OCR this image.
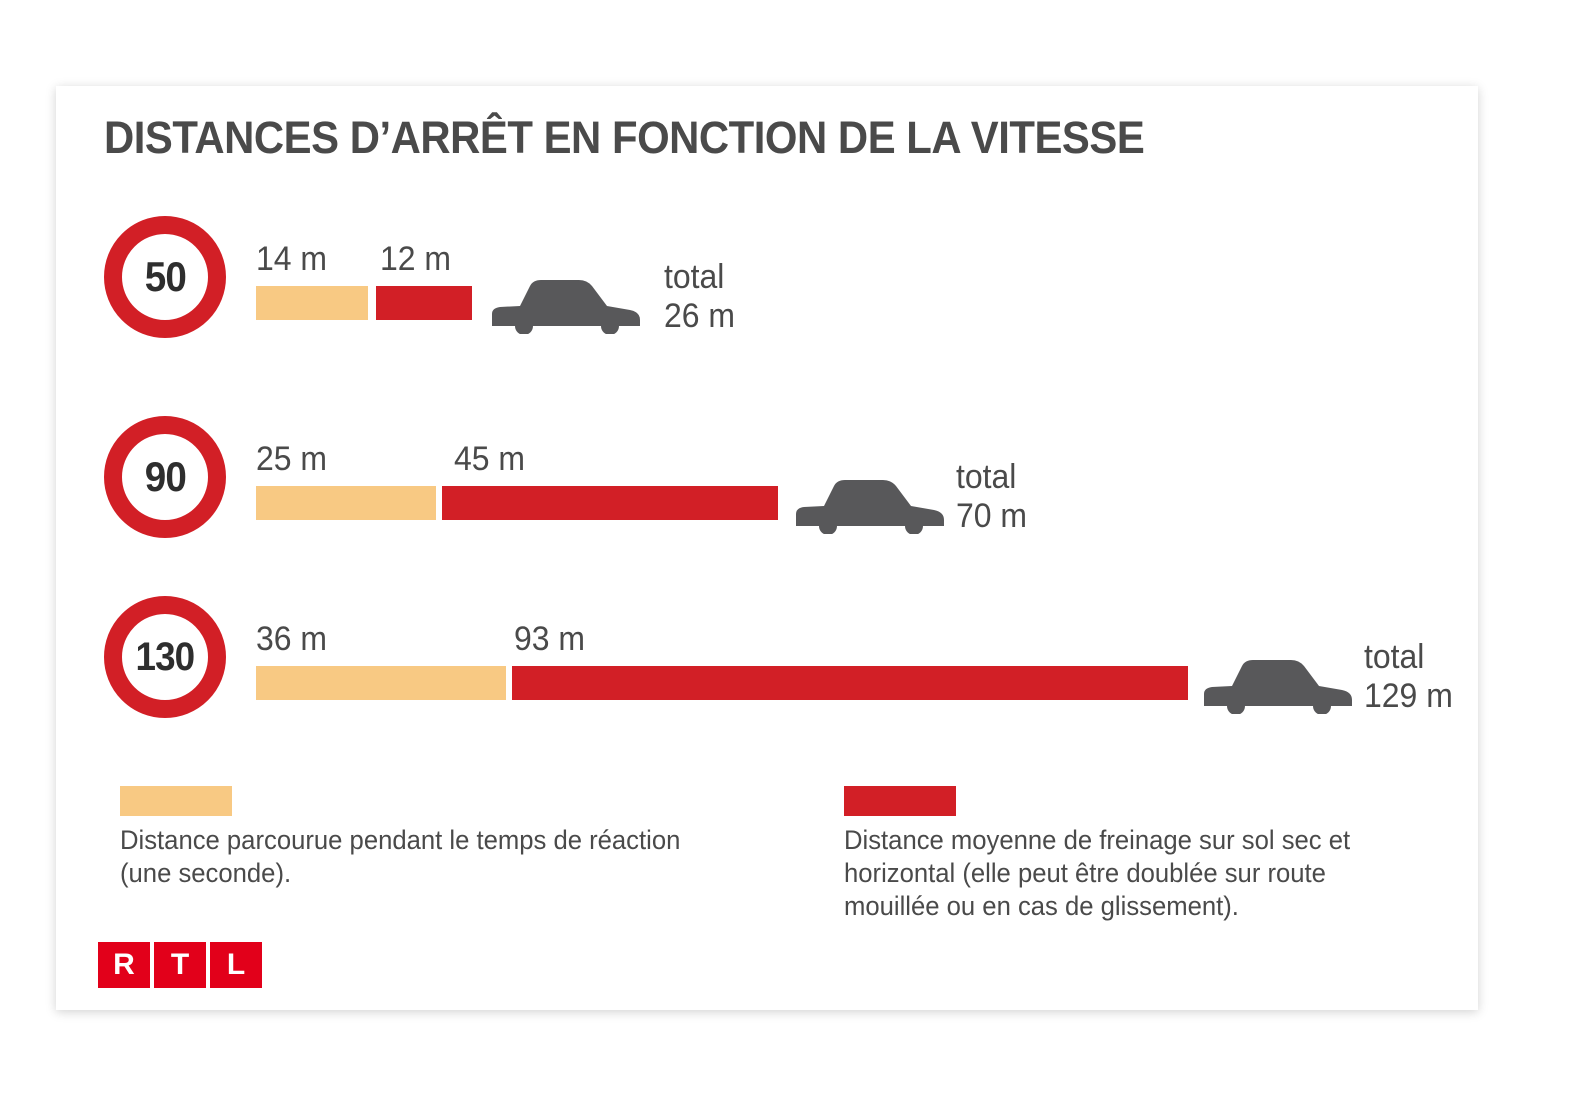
DISTANCES D’ARRÊT EN FONCTION DE LA VITESSE
50 14 m 12 m	total
26 m
90 25 m	45 m	total
70 m
130 36 m	93 m	total
129 m
Distance parcourue pendant le temps de réaction (une seconde).
Distance moyenne de freinage sur sol sec et horizontal (elle peut être doublée sur route mouillée ou en cas de glissement).
R	T	L
